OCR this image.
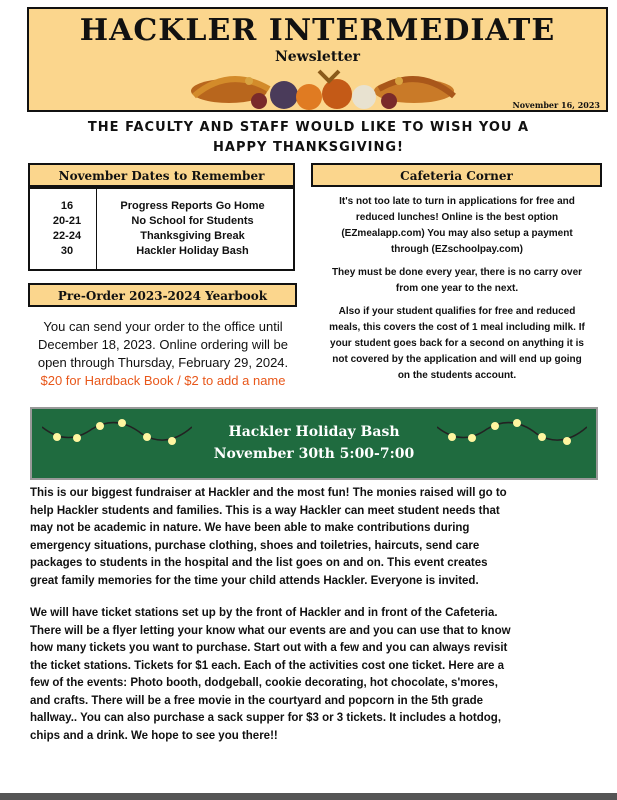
HACKLER INTERMEDIATE
Newsletter
November 16, 2023
THE FACULTY AND STAFF WOULD LIKE TO WISH YOU A
HAPPY THANKSGIVING!
November Dates to Remember
16	Progress Reports Go Home
20-21	No School for Students
22-24	Thanksgiving Break
30	Hackler Holiday Bash
Pre-Order 2023-2024 Yearbook
You can send your order to the office until
December 18, 2023. Online ordering will be
open through Thursday, February 29, 2024.
$20 for Hardback Book / $2 to add a name
Cafeteria Corner

It's not too late to turn in applications for free and
reduced lunches! Online is the best option
(EZmealapp.com) You may also setup a payment
through (EZschoolpay.com)

They must be done every year, there is no carry over
from one year to the next.

Also if your student qualifies for free and reduced
meals, this covers the cost of 1 meal including milk. If
your student goes back for a second on anything it is
not covered by the application and will end up going
on the students account.

Hackler Holiday Bash
November 30th 5:00-7:00
This is our biggest fundraiser at Hackler and the most fun! The monies raised will go to
help Hackler students and families. This is a way Hackler can meet student needs that
may not be academic in nature. We have been able to make contributions during
emergency situations, purchase clothing, shoes and toiletries, haircuts, send care
packages to students in the hospital and the list goes on and on. This event creates
great family memories for the time your child attends Hackler. Everyone is invited.
We will have ticket stations set up by the front of Hackler and in front of the Cafeteria.
There will be a flyer letting your know what our events are and you can use that to know
how many tickets you want to purchase. Start out with a few and you can always revisit
the ticket stations. Tickets for $1 each. Each of the activities cost one ticket. Here are a
few of the events: Photo booth, dodgeball, cookie decorating, hot chocolate, s'mores,
and crafts. There will be a free movie in the courtyard and popcorn in the 5th grade
hallway.. You can also purchase a sack supper for $3 or 3 tickets. It includes a hotdog,
chips and a drink. We hope to see you there!!
